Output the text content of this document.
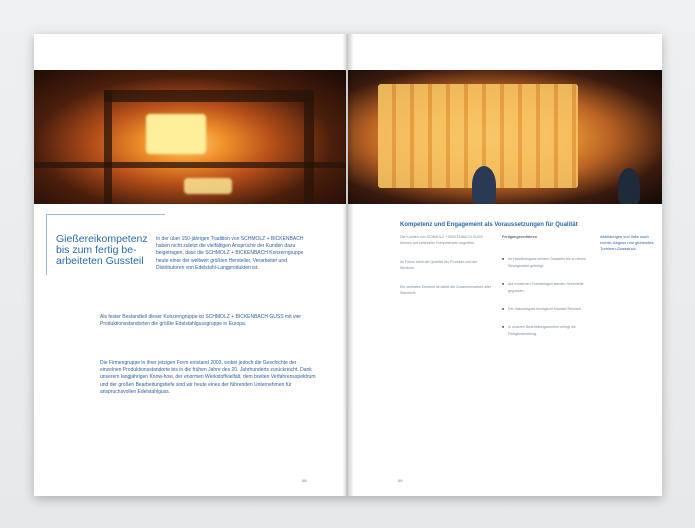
Gießereikompetenz
bis zum fertig be-
arbeiteten Gussteil
In der über 150-jährigen Tradition von SCHMOLZ + BICKENBACH haben nicht zuletzt die vielfältigen Ansprüche der Kunden dazu beigetragen, dass die SCHMOLZ + BICKENBACH Konzerngruppe heute einer der weltweit größten Hersteller, Verarbeiter und Distributoren von Edelstahl-Langprodukten ist.
Als fester Bestandteil dieser Konzerngruppe ist SCHMOLZ + BICKENBACH GUSS mit vier Produktionsstandorten die größte Edelstahlgussgruppe in Europa.
Die Firmengruppe in ihrer jetzigen Form entstand 2003, wobei jedoch die Geschichte der einzelnen Produktionsstandorte bis in die frühen Jahre des 20. Jahrhunderts zurückreicht. Dank unserem langjährigen Know-how, der enormen Werkstoffvielfalt, dem breiten Verfahrensspektrum und der großen Bearbeitungstiefe sind wir heute eines der führenden Unternehmen für anspruchsvollen Edelstahlguss.
08
Kompetenz und Engagement als Voraussetzungen für Qualität
Die Kunden von SCHMOLZ + BICKENBACH GUSS können auf zahlreiche Kompetenzen zugreifen.
Im Fokus steht die Qualität der Produkte und der Services.
Ein zentrales Element ist dabei die Zusammenarbeit aller Standorte.
Fertigungsverfahren
■ Im Handformguss werden Gussteile bis zu einem Stückgewicht gefertigt.
■ Auf modernen Formanlagen werden Serienteile gegossen.
■ Der Vakuumguss ermöglicht höchste Reinheit.
■ In unseren Bearbeitungszentren erfolgt die Fertigbearbeitung.
Abbildungen von links nach rechts: Abguss und glühendes Turbinen-Gussstück.
09
